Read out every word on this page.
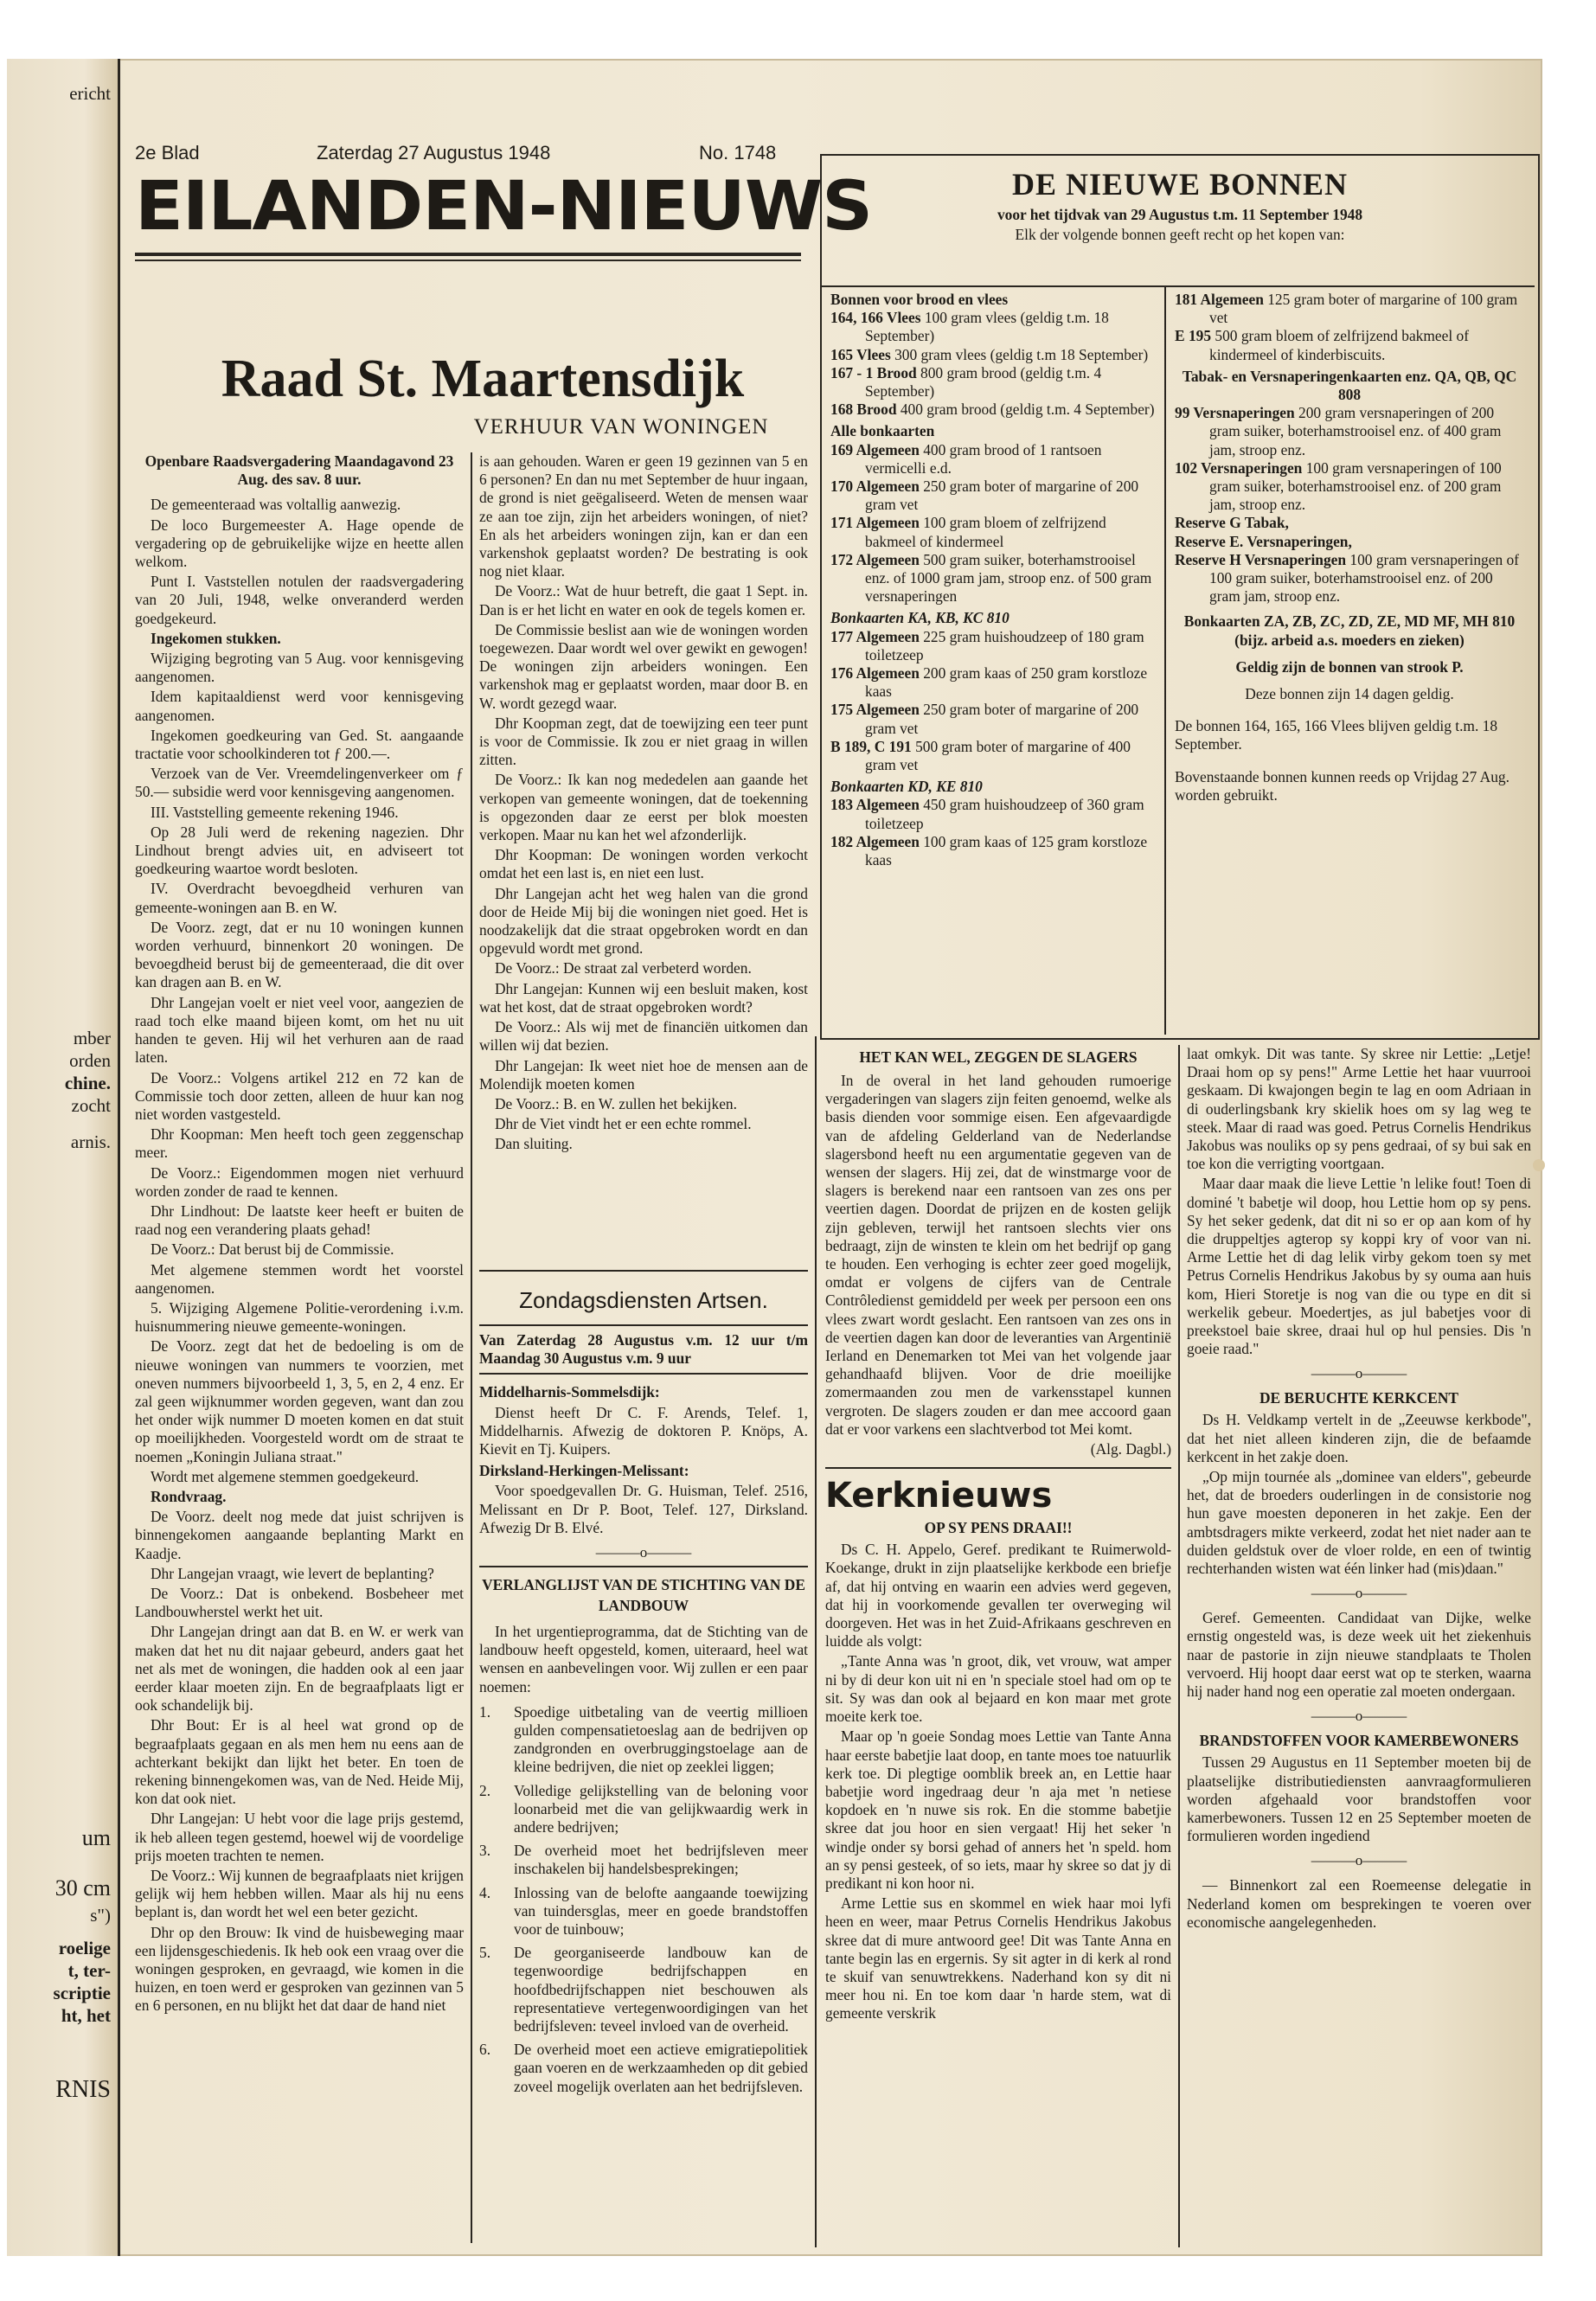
ericht
mber
orden
chine.
zocht
arnis.
um
30 cm
s")
roelige
t, ter-
scriptie
ht, het
RNIS
2e Blad	Zaterdag 27 Augustus 1948	No. 1748
EILANDEN-NIEUWS
Raad St. Maartensdijk
VERHUUR VAN WONINGEN

Openbare Raadsvergadering Maandagavond 23 Aug. des sav. 8 uur.

De gemeenteraad was voltallig aanwezig.

De loco Burgemeester A. Hage opende de vergadering op de gebruikelijke wijze en heette allen welkom.

Punt I. Vaststellen notulen der raadsvergadering van 20 Juli, 1948, welke onveranderd werden goedgekeurd.

Ingekomen stukken.

Wijziging begroting van 5 Aug. voor kennisgeving aangenomen.

Idem kapitaaldienst werd voor kennisgeving aangenomen.

Ingekomen goedkeuring van Ged. St. aangaande tractatie voor schoolkinderen tot ƒ 200.—.

Verzoek van de Ver. Vreemdelingenverkeer om ƒ 50.— subsidie werd voor kennisgeving aangenomen.

III. Vaststelling gemeente rekening 1946.

Op 28 Juli werd de rekening nagezien. Dhr Lindhout brengt advies uit, en adviseert tot goedkeuring waartoe wordt besloten.

IV. Overdracht bevoegdheid verhuren van gemeente-woningen aan B. en W.

De Voorz. zegt, dat er nu 10 woningen kunnen worden verhuurd, binnenkort 20 woningen. De bevoegdheid berust bij de gemeenteraad, die dit over kan dragen aan B. en W.

Dhr Langejan voelt er niet veel voor, aangezien de raad toch elke maand bijeen komt, om het nu uit handen te geven. Hij wil het verhuren aan de raad laten.

De Voorz.: Volgens artikel 212 en 72 kan de Commissie toch door zetten, alleen de huur kan nog niet worden vastgesteld.

Dhr Koopman: Men heeft toch geen zeggenschap meer.

De Voorz.: Eigendommen mogen niet verhuurd worden zonder de raad te kennen.

Dhr Lindhout: De laatste keer heeft er buiten de raad nog een verandering plaats gehad!

De Voorz.: Dat berust bij de Commissie.

Met algemene stemmen wordt het voorstel aangenomen.

5. Wijziging Algemene Politie-verordening i.v.m. huisnummering nieuwe gemeente-woningen.

De Voorz. zegt dat het de bedoeling is om de nieuwe woningen van nummers te voorzien, met oneven nummers bijvoorbeeld 1, 3, 5, en 2, 4 enz. Er zal geen wijknummer worden gegeven, want dan zou het onder wijk nummer D moeten komen en dat stuit op moeilijkheden. Voorgesteld wordt om de straat te noemen „Koningin Juliana straat."

Wordt met algemene stemmen goedgekeurd.

Rondvraag.

De Voorz. deelt nog mede dat juist schrijven is binnengekomen aangaande beplanting Markt en Kaadje.

Dhr Langejan vraagt, wie levert de beplanting?

De Voorz.: Dat is onbekend. Bosbeheer met Landbouwherstel werkt het uit.

Dhr Langejan dringt aan dat B. en W. er werk van maken dat het nu dit najaar gebeurd, anders gaat het net als met de woningen, die hadden ook al een jaar eerder klaar moeten zijn. En de begraafplaats ligt er ook schandelijk bij.

Dhr Bout: Er is al heel wat grond op de begraafplaats gegaan en als men hem nu eens aan de achterkant bekijkt dan lijkt het beter. En toen de rekening binnengekomen was, van de Ned. Heide Mij, kon dat ook niet.

Dhr Langejan: U hebt voor die lage prijs gestemd, ik heb alleen tegen gestemd, hoewel wij de voordelige prijs moeten trachten te nemen.

De Voorz.: Wij kunnen de begraafplaats niet krijgen gelijk wij hem hebben willen. Maar als hij nu eens beplant is, dan wordt het wel een beter gezicht.

Dhr op den Brouw: Ik vind de huisbeweging maar een lijdensgeschiedenis. Ik heb ook een vraag over die woningen gesproken, en gevraagd, wie komen in die huizen, en toen werd er gesproken van gezinnen van 5 en 6 personen, en nu blijkt het dat daar de hand niet

is aan gehouden. Waren er geen 19 gezinnen van 5 en 6 personen? En dan nu met September de huur ingaan, de grond is niet geëgaliseerd. Weten de mensen waar ze aan toe zijn, zijn het arbeiders woningen, of niet? En als het arbeiders woningen zijn, kan er dan een varkenshok geplaatst worden? De bestrating is ook nog niet klaar.

De Voorz.: Wat de huur betreft, die gaat 1 Sept. in. Dan is er het licht en water en ook de tegels komen er.

De Commissie beslist aan wie de woningen worden toegewezen. Daar wordt wel over gewikt en gewogen! De woningen zijn arbeiders woningen. Een varkenshok mag er geplaatst worden, maar door B. en W. wordt gezegd waar.

Dhr Koopman zegt, dat de toewijzing een teer punt is voor de Commissie. Ik zou er niet graag in willen zitten.

De Voorz.: Ik kan nog mededelen aan gaande het verkopen van gemeente woningen, dat de toekenning is opgezonden daar ze eerst per blok moesten verkopen. Maar nu kan het wel afzonderlijk.

Dhr Koopman: De woningen worden verkocht omdat het een last is, en niet een lust.

Dhr Langejan acht het weg halen van die grond door de Heide Mij bij die woningen niet goed. Het is noodzakelijk dat die straat opgebroken wordt en dan opgevuld wordt met grond.

De Voorz.: De straat zal verbeterd worden.

Dhr Langejan: Kunnen wij een besluit maken, kost wat het kost, dat de straat opgebroken wordt?

De Voorz.: Als wij met de financiën uitkomen dan willen wij dat bezien.

Dhr Langejan: Ik weet niet hoe de mensen aan de Molendijk moeten komen

De Voorz.: B. en W. zullen het bekijken.

Dhr de Viet vindt het er een echte rommel.

Dan sluiting.

Zondagsdiensten Artsen.

Van Zaterdag 28 Augustus v.m. 12 uur t/m Maandag 30 Augustus v.m. 9 uur

Middelharnis-Sommelsdijk:

Dienst heeft Dr C. F. Arends, Telef. 1, Middelharnis. Afwezig de doktoren P. Knöps, A. Kievit en Tj. Kuipers.

Dirksland-Herkingen-Melissant:

Voor spoedgevallen Dr. G. Huisman, Telef. 2516, Melissant en Dr P. Boot, Telef. 127, Dirksland. Afwezig Dr B. Elvé.

———o———
VERLANGLIJST VAN DE STICHTING VAN DE LANDBOUW

In het urgentieprogramma, dat de Stichting van de landbouw heeft opgesteld, komen, uiteraard, heel wat wensen en aanbevelingen voor. Wij zullen er een paar noemen:

1.	Spoedige uitbetaling van de veertig millioen gulden compensatietoeslag aan de bedrijven op zandgronden en overbruggingstoelage aan de kleine bedrijven, die niet op zeeklei liggen;
2.	Volledige gelijkstelling van de beloning voor loonarbeid met die van gelijkwaardig werk in andere bedrijven;
3.	De overheid moet het bedrijfsleven meer inschakelen bij handelsbesprekingen;
4.	Inlossing van de belofte aangaande toewijzing van tuindersglas, meer en goede brandstoffen voor de tuinbouw;
5.	De georganiseerde landbouw kan de tegenwoordige bedrijfschappen en hoofdbedrijfschappen niet beschouwen als representatieve vertegenwoordigingen van het bedrijfsleven: teveel invloed van de overheid.
6.	De overheid moet een actieve emigratiepolitiek gaan voeren en de werkzaamheden op dit gebied zoveel mogelijk overlaten aan het bedrijfsleven.
DE NIEUWE BONNEN
voor het tijdvak van 29 Augustus t.m. 11 September 1948
Elk der volgende bonnen geeft recht op het kopen van:
Bonnen voor brood en vlees
164, 166 Vlees 100 gram vlees (geldig t.m. 18 September)
165 Vlees 300 gram vlees (geldig t.m 18 September)
167 - 1 Brood 800 gram brood (geldig t.m. 4 September)
168 Brood 400 gram brood (geldig t.m. 4 September)
Alle bonkaarten
169 Algemeen 400 gram brood of 1 rantsoen vermicelli e.d.
170 Algemeen 250 gram boter of margarine of 200 gram vet
171 Algemeen 100 gram bloem of zelfrijzend bakmeel of kindermeel
172 Algemeen 500 gram suiker, boterhamstrooisel enz. of 1000 gram jam, stroop enz. of 500 gram versnaperingen
Bonkaarten KA, KB, KC 810
177 Algemeen 225 gram huishoudzeep of 180 gram toiletzeep
176 Algemeen 200 gram kaas of 250 gram korstloze kaas
175 Algemeen 250 gram boter of margarine of 200 gram vet
B 189, C 191 500 gram boter of margarine of 400 gram vet
Bonkaarten KD, KE 810
183 Algemeen 450 gram huishoudzeep of 360 gram toiletzeep
182 Algemeen 100 gram kaas of 125 gram korstloze kaas
181 Algemeen 125 gram boter of margarine of 100 gram vet
E 195 500 gram bloem of zelfrijzend bakmeel of kindermeel of kinderbiscuits.
Tabak- en Versnaperingenkaarten enz. QA, QB, QC 808
99 Versnaperingen 200 gram versnaperingen of 200 gram suiker, boterhamstrooisel enz. of 400 gram jam, stroop enz.
102 Versnaperingen 100 gram versnaperingen of 100 gram suiker, boterhamstrooisel enz. of 200 gram jam, stroop enz.
Reserve G Tabak,
Reserve E. Versnaperingen,
Reserve H Versnaperingen 100 gram versnaperingen of 100 gram suiker, boterhamstrooisel enz. of 200 gram jam, stroop enz.
Bonkaarten ZA, ZB, ZC, ZD, ZE, MD MF, MH 810 (bijz. arbeid a.s. moeders en zieken)
Geldig zijn de bonnen van strook P.
Deze bonnen zijn 14 dagen geldig.
De bonnen 164, 165, 166 Vlees blijven geldig t.m. 18 September.
Bovenstaande bonnen kunnen reeds op Vrijdag 27 Aug. worden gebruikt.
HET KAN WEL, ZEGGEN DE SLAGERS

In de overal in het land gehouden rumoerige vergaderingen van slagers zijn feiten genoemd, welke als basis dienden voor sommige eisen. Een afgevaardigde van de afdeling Gelderland van de Nederlandse slagersbond heeft nu een argumentatie gegeven van de wensen der slagers. Hij zei, dat de winstmarge voor de slagers is berekend naar een rantsoen van zes ons per veertien dagen. Doordat de prijzen en de kosten gelijk zijn gebleven, terwijl het rantsoen slechts vier ons bedraagt, zijn de winsten te klein om het bedrijf op gang te houden. Een verhoging is echter zeer goed mogelijk, omdat er volgens de cijfers van de Centrale Contrôledienst gemiddeld per week per persoon een ons vlees zwart wordt geslacht. Een rantsoen van zes ons in de veertien dagen kan door de leveranties van Argentinië Ierland en Denemarken tot Mei van het volgende jaar gehandhaafd blijven. Voor de drie moeilijke zomermaanden zou men de varkensstapel kunnen vergroten. De slagers zouden er dan mee accoord gaan dat er voor varkens een slachtverbod tot Mei komt.

(Alg. Dagbl.)

Kerknieuws
OP SY PENS DRAAI!!

Ds C. H. Appelo, Geref. predikant te Ruimerwold-Koekange, drukt in zijn plaatselijke kerkbode een briefje af, dat hij ontving en waarin een advies werd gegeven, dat hij in voorkomende gevallen ter overweging wil doorgeven. Het was in het Zuid-Afrikaans geschreven en luidde als volgt:

„Tante Anna was 'n groot, dik, vet vrouw, wat amper ni by di deur kon uit ni en 'n speciale stoel had om op te sit. Sy was dan ook al bejaard en kon maar met grote moeite kerk toe.

Maar op 'n goeie Sondag moes Lettie van Tante Anna haar eerste babetjie laat doop, en tante moes toe natuurlik kerk toe. Di plegtige oomblik breek an, en Lettie haar babetjie word ingedraag deur 'n aja met 'n netiese kopdoek en 'n nuwe sis rok. En die stomme babetjie skree dat jou hoor en sien vergaat! Hij het seker 'n windje onder sy borsi gehad of anners het 'n speld. hom an sy pensi gesteek, of so iets, maar hy skree so dat jy di predikant ni kon hoor ni.

Arme Lettie sus en skommel en wiek haar moi lyfi heen en weer, maar Petrus Cornelis Hendrikus Jakobus skree dat di mure antwoord gee! Dit was Tante Anna en tante begin las en ergernis. Sy sit agter in di kerk al rond te skuif van senuwtrekkens. Naderhand kon sy dit ni meer hou ni. En toe kom daar 'n harde stem, wat di gemeente verskrik

laat omkyk. Dit was tante. Sy skree nir Lettie: „Letje! Draai hom op sy pens!" Arme Lettie het haar vuurrooi geskaam. Di kwajongen begin te lag en oom Adriaan in di ouderlingsbank kry skielik hoes om sy lag weg te steek. Maar di raad was goed. Petrus Cornelis Hendrikus Jakobus was nouliks op sy pens gedraai, of sy bui sak en toe kon die verrigting voortgaan.

Maar daar maak die lieve Lettie 'n lelike fout! Toen di dominé 't babetje wil doop, hou Lettie hom op sy pens. Sy het seker gedenk, dat dit ni so er op aan kom of hy die druppeltjes agterop sy koppi kry of voor van ni. Arme Lettie het di dag lelik virby gekom toen sy met Petrus Cornelis Hendrikus Jakobus by sy ouma aan huis kom, Hieri Storetje is nog van die ou type en dit si werkelik gebeur. Moedertjes, as jul babetjes voor di preekstoel baie skree, draai hul op hul pensies. Dis 'n goeie raad."

———o———
DE BERUCHTE KERKCENT

Ds H. Veldkamp vertelt in de „Zeeuwse kerkbode", dat het niet alleen kinderen zijn, die de befaamde kerkcent in het zakje doen.

„Op mijn tournée als „dominee van elders", gebeurde het, dat de broeders ouderlingen in de consistorie nog hun gave moesten deponeren in het zakje. Een der ambtsdragers mikte verkeerd, zodat het niet nader aan te duiden geldstuk over de vloer rolde, en een of twintig rechterhanden wisten wat één linker had (mis)daan."

———o———

Geref. Gemeenten. Candidaat van Dijke, welke ernstig ongesteld was, is deze week uit het ziekenhuis naar de pastorie in zijn nieuwe standplaats te Tholen vervoerd. Hij hoopt daar eerst wat op te sterken, waarna hij nader hand nog een operatie zal moeten ondergaan.

———o———
BRANDSTOFFEN VOOR KAMERBEWONERS

Tussen 29 Augustus en 11 September moeten bij de plaatselijke distributiediensten aanvraagformulieren worden afgehaald voor brandstoffen voor kamerbewoners. Tussen 12 en 25 September moeten de formulieren worden ingediend

———o———

— Binnenkort zal een Roemeense delegatie in Nederland komen om besprekingen te voeren over economische aangelegenheden.
